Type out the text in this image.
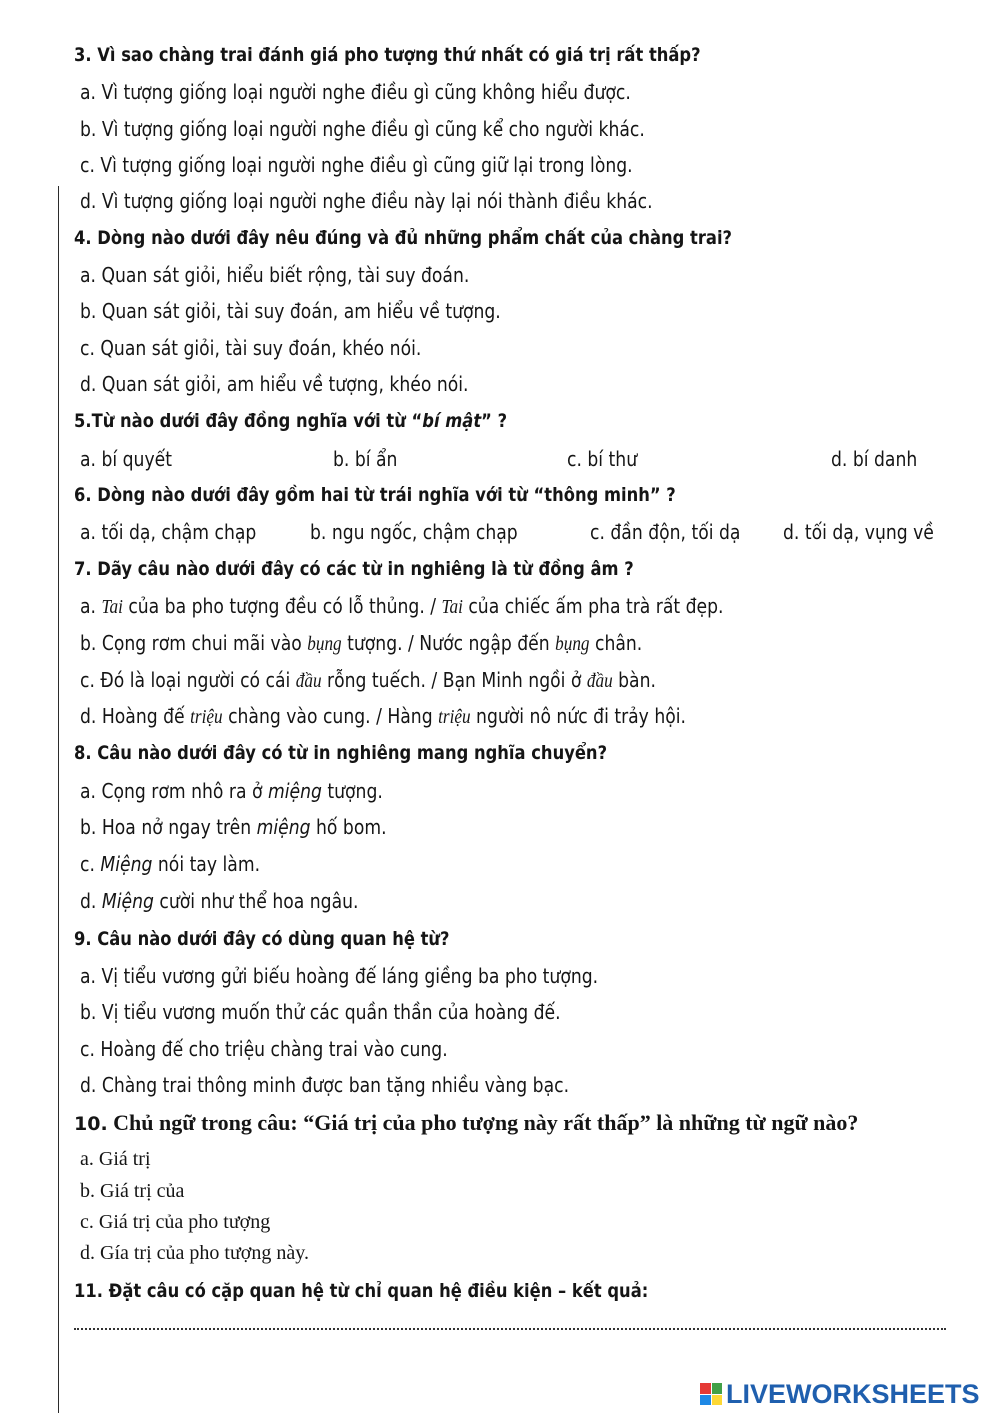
3. Vì sao chàng trai đánh giá pho tượng thứ nhất có giá trị rất thấp?
a. Vì tượng giống loại người nghe điều gì cũng không hiểu được.
b. Vì tượng giống loại người nghe điều gì cũng kể cho người khác.
c. Vì tượng giống loại người nghe điều gì cũng giữ lại trong lòng.
d. Vì tượng giống loại người nghe điều này lại nói thành điều khác.
4. Dòng nào dưới đây nêu đúng và đủ những phẩm chất của chàng trai?
a. Quan sát giỏi, hiểu biết rộng, tài suy đoán.
b. Quan sát giỏi, tài suy đoán, am hiểu về tượng.
c. Quan sát giỏi, tài suy đoán, khéo nói.
d. Quan sát giỏi, am hiểu về tượng, khéo nói.
5.Từ nào dưới đây đồng nghĩa với từ “bí mật” ?
a. bí quyết	b. bí ẩn	c. bí thư	d. bí danh
6. Dòng nào dưới đây gồm hai từ trái nghĩa với từ “thông minh” ?
a. tối dạ, chậm chạp	b. ngu ngốc, chậm chạp	c. đần độn, tối dạ d. tối dạ, vụng về
7. Dãy câu nào dưới đây có các từ in nghiêng là từ đồng âm ?
a. Tai của ba pho tượng đều có lỗ thủng. / Tai của chiếc ấm pha trà rất đẹp.
b. Cọng rơm chui mãi vào bụng tượng. / Nước ngập đến bụng chân.
c. Đó là loại người có cái đầu rỗng tuếch. / Bạn Minh ngồi ở đầu bàn.
d. Hoàng đế triệu chàng vào cung. / Hàng triệu người nô nức đi trảy hội.
8. Câu nào dưới đây có từ in nghiêng mang nghĩa chuyển?
a. Cọng rơm nhô ra ở miệng tượng.
b. Hoa nở ngay trên miệng hố bom.
c. Miệng nói tay làm.
d. Miệng cười như thể hoa ngâu.
9. Câu nào dưới đây có dùng quan hệ từ?
a. Vị tiểu vương gửi biếu hoàng đế láng giềng ba pho tượng.
b. Vị tiểu vương muốn thử các quần thần của hoàng đế.
c. Hoàng đế cho triệu chàng trai vào cung.
d. Chàng trai thông minh được ban tặng nhiều vàng bạc.
10. Chủ ngữ trong câu: “Giá trị của pho tượng này rất thấp” là những từ ngữ nào?
a. Giá trị
b. Giá trị của
c. Giá trị của pho tượng
d. Gía trị của pho tượng này.
11. Đặt câu có cặp quan hệ từ chỉ quan hệ điều kiện – kết quả:
LIVEWORKSHEETS
